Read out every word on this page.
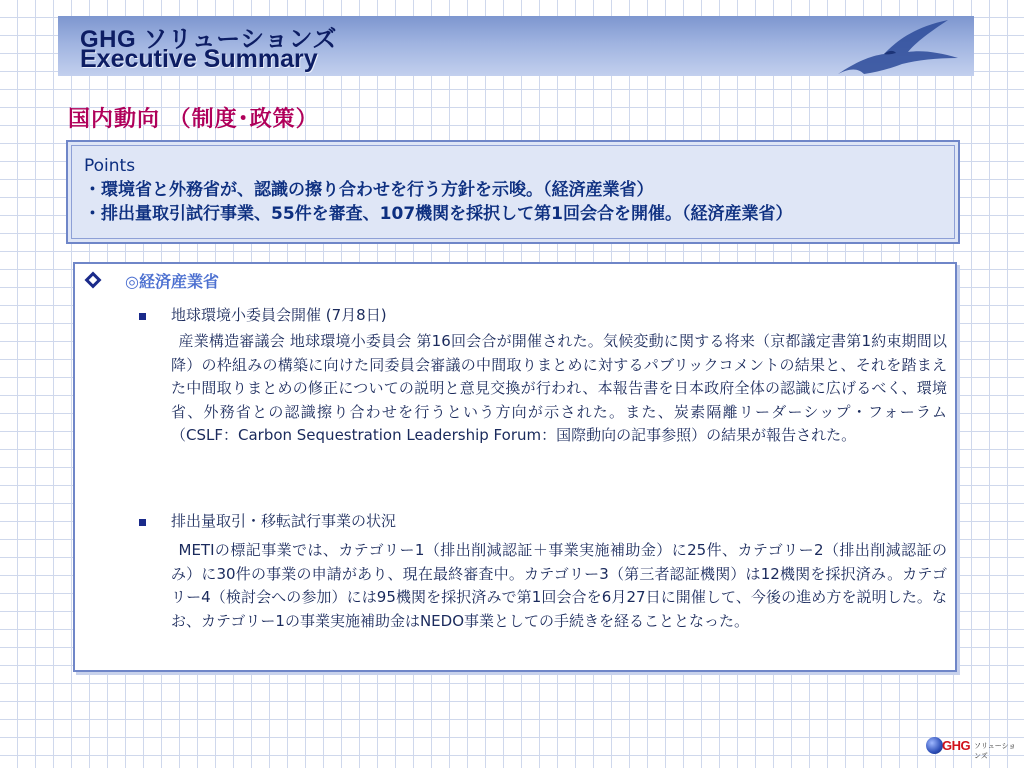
GHG ソリューションズ
Executive Summary
国内動向 （制度･政策）
Points
・環境省と外務省が、認識の擦り合わせを行う方針を示唆。（経済産業省）
・排出量取引試行事業、55件を審査、107機関を採択して第1回会合を開催。（経済産業省）
◎経済産業省
地球環境小委員会開催 (7月8日)
産業構造審議会 地球環境小委員会 第16回会合が開催された。気候変動に関する将来（京都議定書第1約束期間以降）の枠組みの構築に向けた同委員会審議の中間取りまとめに対するパブリックコメントの結果と、それを踏まえた中間取りまとめの修正についての説明と意見交換が行われ、本報告書を日本政府全体の認識に広げるべく、環境省、外務省との認識擦り合わせを行うという方向が示された。また、炭素隔離リーダーシップ・フォーラム（CSLF：Carbon Sequestration Leadership Forum：国際動向の記事参照）の結果が報告された。
排出量取引・移転試行事業の状況
METIの標記事業では、カテゴリー1（排出削減認証＋事業実施補助金）に25件、カテゴリー2（排出削減認証のみ）に30件の事業の申請があり、現在最終審査中。カテゴリー3（第三者認証機関）は12機関を採択済み。カテゴリー4（検討会への参加）には95機関を採択済みで第1回会合を6月27日に開催して、今後の進め方を説明した。なお、カテゴリー1の事業実施補助金はNEDO事業としての手続きを経ることとなった。
GHG ソリューションズ
